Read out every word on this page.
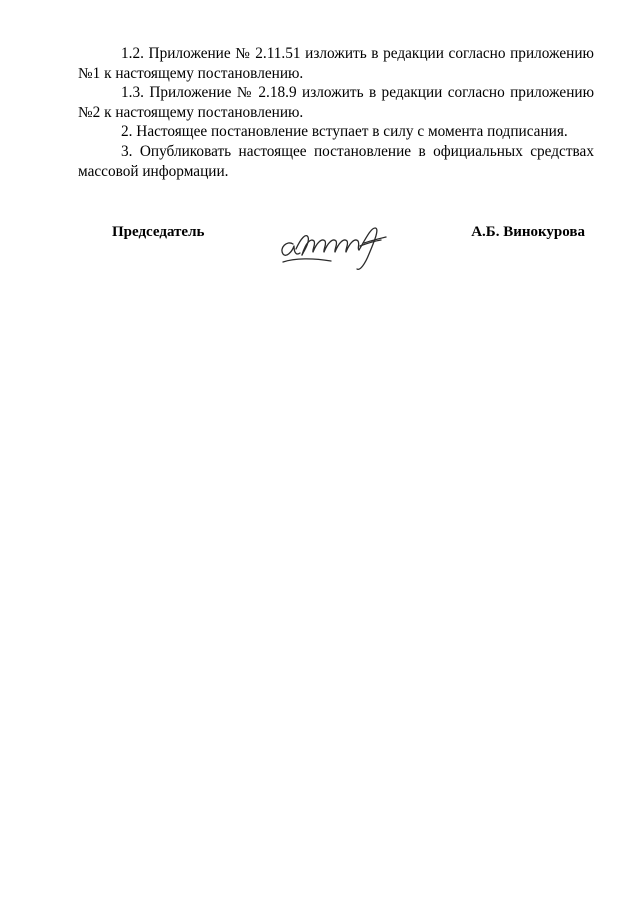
1.2. Приложение № 2.11.51 изложить в редакции согласно приложению №1 к настоящему постановлению.

1.3. Приложение № 2.18.9 изложить в редакции согласно приложению №2 к настоящему постановлению.

2. Настоящее постановление вступает в силу с момента подписания.

3. Опубликовать настоящее постановление в официальных средствах массовой информации.

Председатель	А.Б. Винокурова
